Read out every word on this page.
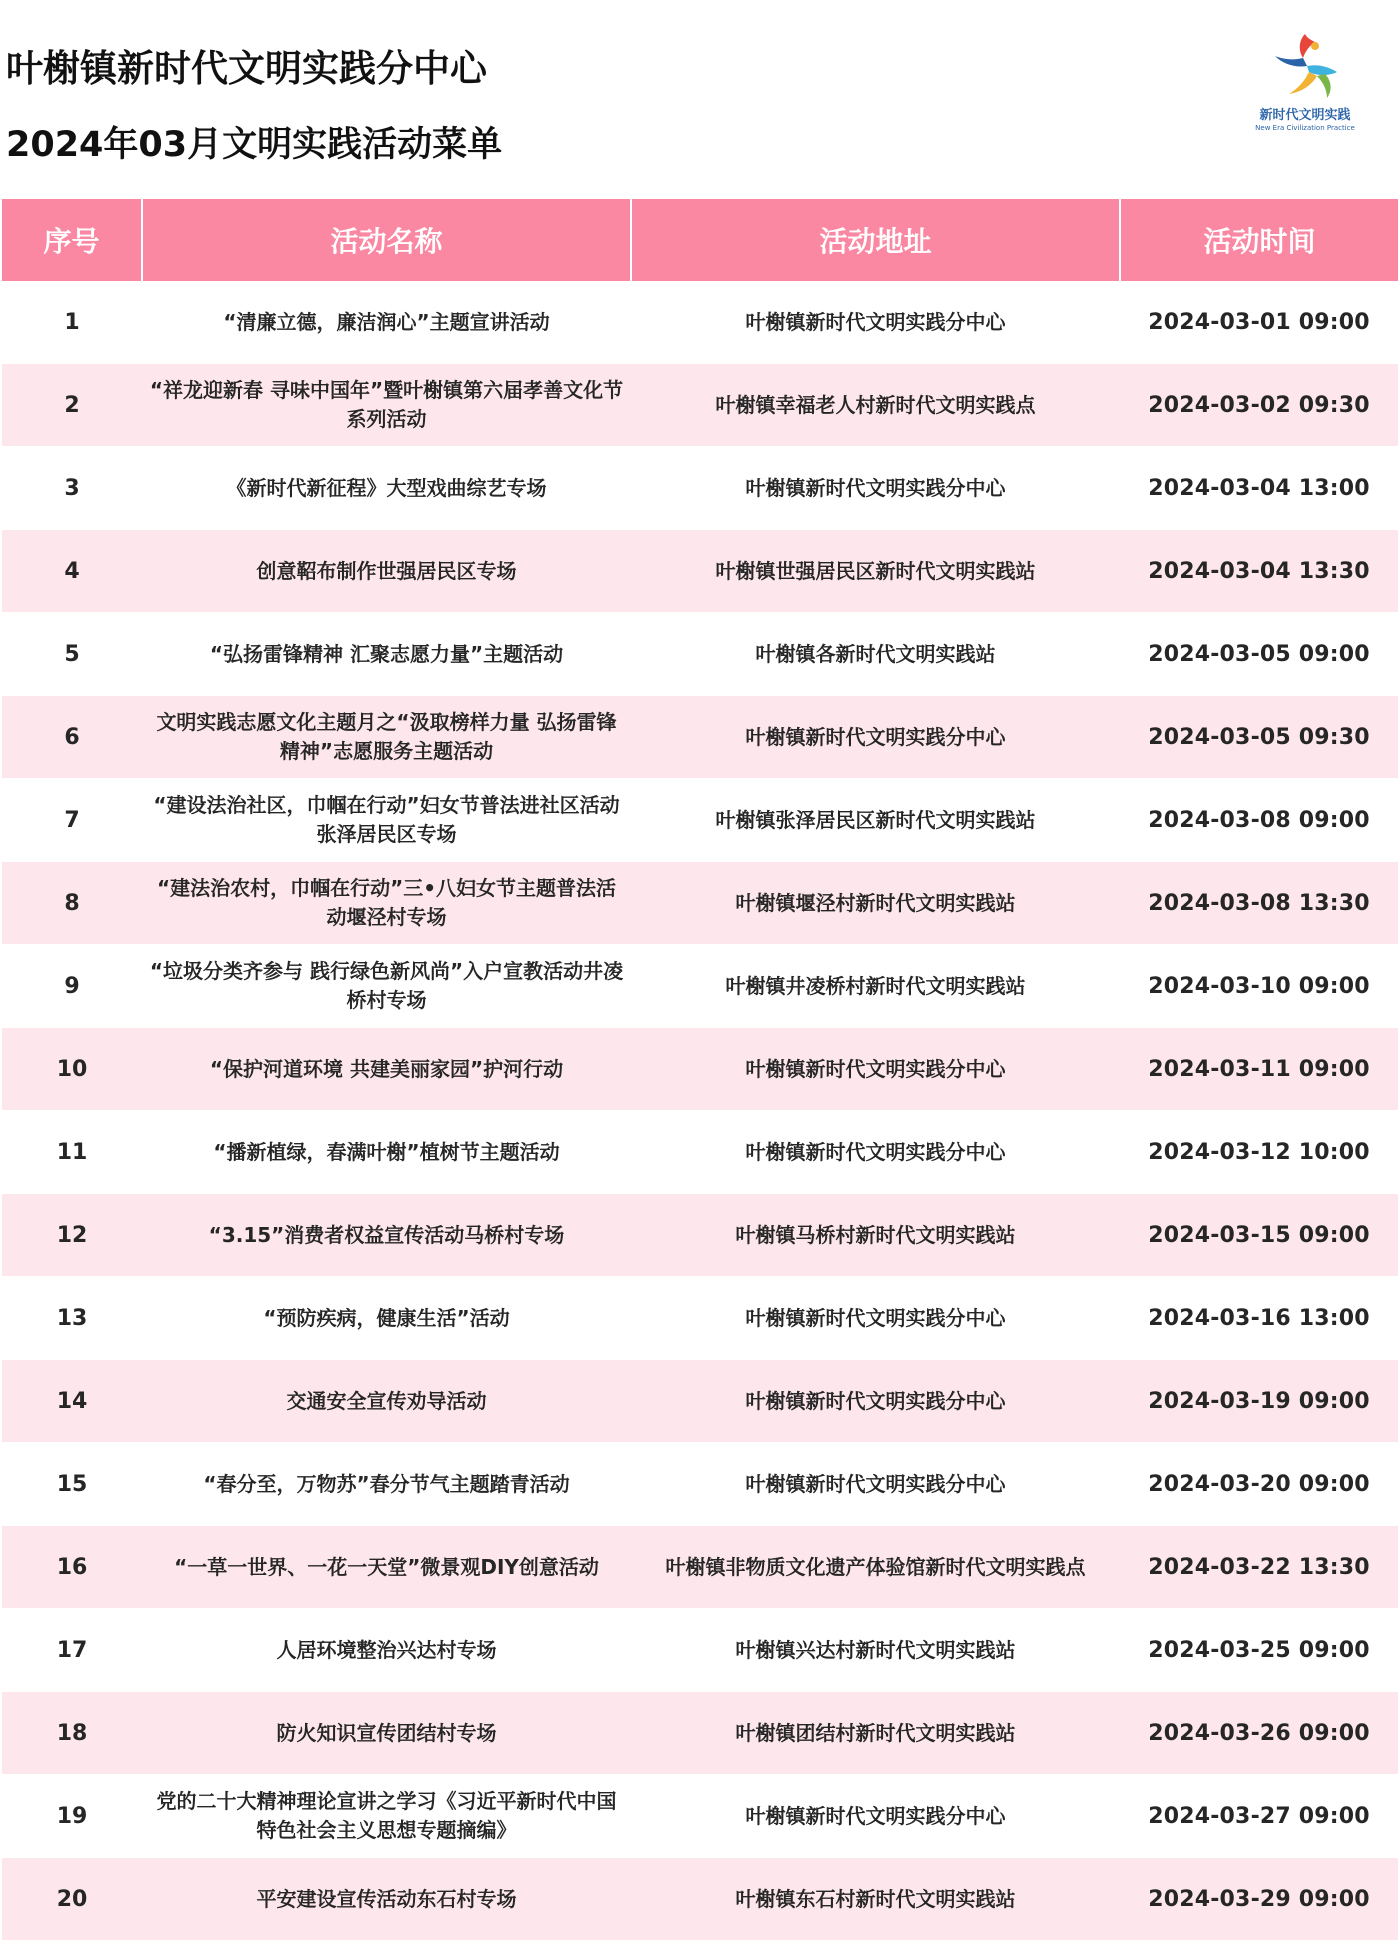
叶榭镇新时代文明实践分中心
2024年03月文明实践活动菜单
新时代文明实践
New Era Civilization Practice
序号	活动名称	活动地址	活动时间
1	“清廉立德，廉洁润心”主题宣讲活动	叶榭镇新时代文明实践分中心	2024-03-01 09:00
2	“祥龙迎新春 寻味中国年”暨叶榭镇第六届孝善文化节系列活动	叶榭镇幸福老人村新时代文明实践点	2024-03-02 09:30
3	《新时代新征程》大型戏曲综艺专场	叶榭镇新时代文明实践分中心	2024-03-04 13:00
4	创意鞀布制作世强居民区专场	叶榭镇世强居民区新时代文明实践站	2024-03-04 13:30
5	“弘扬雷锋精神 汇聚志愿力量”主题活动	叶榭镇各新时代文明实践站	2024-03-05 09:00
6	文明实践志愿文化主题月之“汲取榜样力量 弘扬雷锋精神”志愿服务主题活动	叶榭镇新时代文明实践分中心	2024-03-05 09:30
7	“建设法治社区，巾帼在行动”妇女节普法进社区活动张泽居民区专场	叶榭镇张泽居民区新时代文明实践站	2024-03-08 09:00
8	“建法治农村，巾帼在行动”三•八妇女节主题普法活动堰泾村专场	叶榭镇堰泾村新时代文明实践站	2024-03-08 13:30
9	“垃圾分类齐参与 践行绿色新风尚”入户宣教活动井凌桥村专场	叶榭镇井凌桥村新时代文明实践站	2024-03-10 09:00
10	“保护河道环境 共建美丽家园”护河行动	叶榭镇新时代文明实践分中心	2024-03-11 09:00
11	“播新植绿，春满叶榭”植树节主题活动	叶榭镇新时代文明实践分中心	2024-03-12 10:00
12	“3.15”消费者权益宣传活动马桥村专场	叶榭镇马桥村新时代文明实践站	2024-03-15 09:00
13	“预防疾病，健康生活”活动	叶榭镇新时代文明实践分中心	2024-03-16 13:00
14	交通安全宣传劝导活动	叶榭镇新时代文明实践分中心	2024-03-19 09:00
15	“春分至，万物苏”春分节气主题踏青活动	叶榭镇新时代文明实践分中心	2024-03-20 09:00
16	“一草一世界、一花一天堂”微景观DIY创意活动	叶榭镇非物质文化遗产体验馆新时代文明实践点	2024-03-22 13:30
17	人居环境整治兴达村专场	叶榭镇兴达村新时代文明实践站	2024-03-25 09:00
18	防火知识宣传团结村专场	叶榭镇团结村新时代文明实践站	2024-03-26 09:00
19	党的二十大精神理论宣讲之学习《习近平新时代中国特色社会主义思想专题摘编》	叶榭镇新时代文明实践分中心	2024-03-27 09:00
20	平安建设宣传活动东石村专场	叶榭镇东石村新时代文明实践站	2024-03-29 09:00
